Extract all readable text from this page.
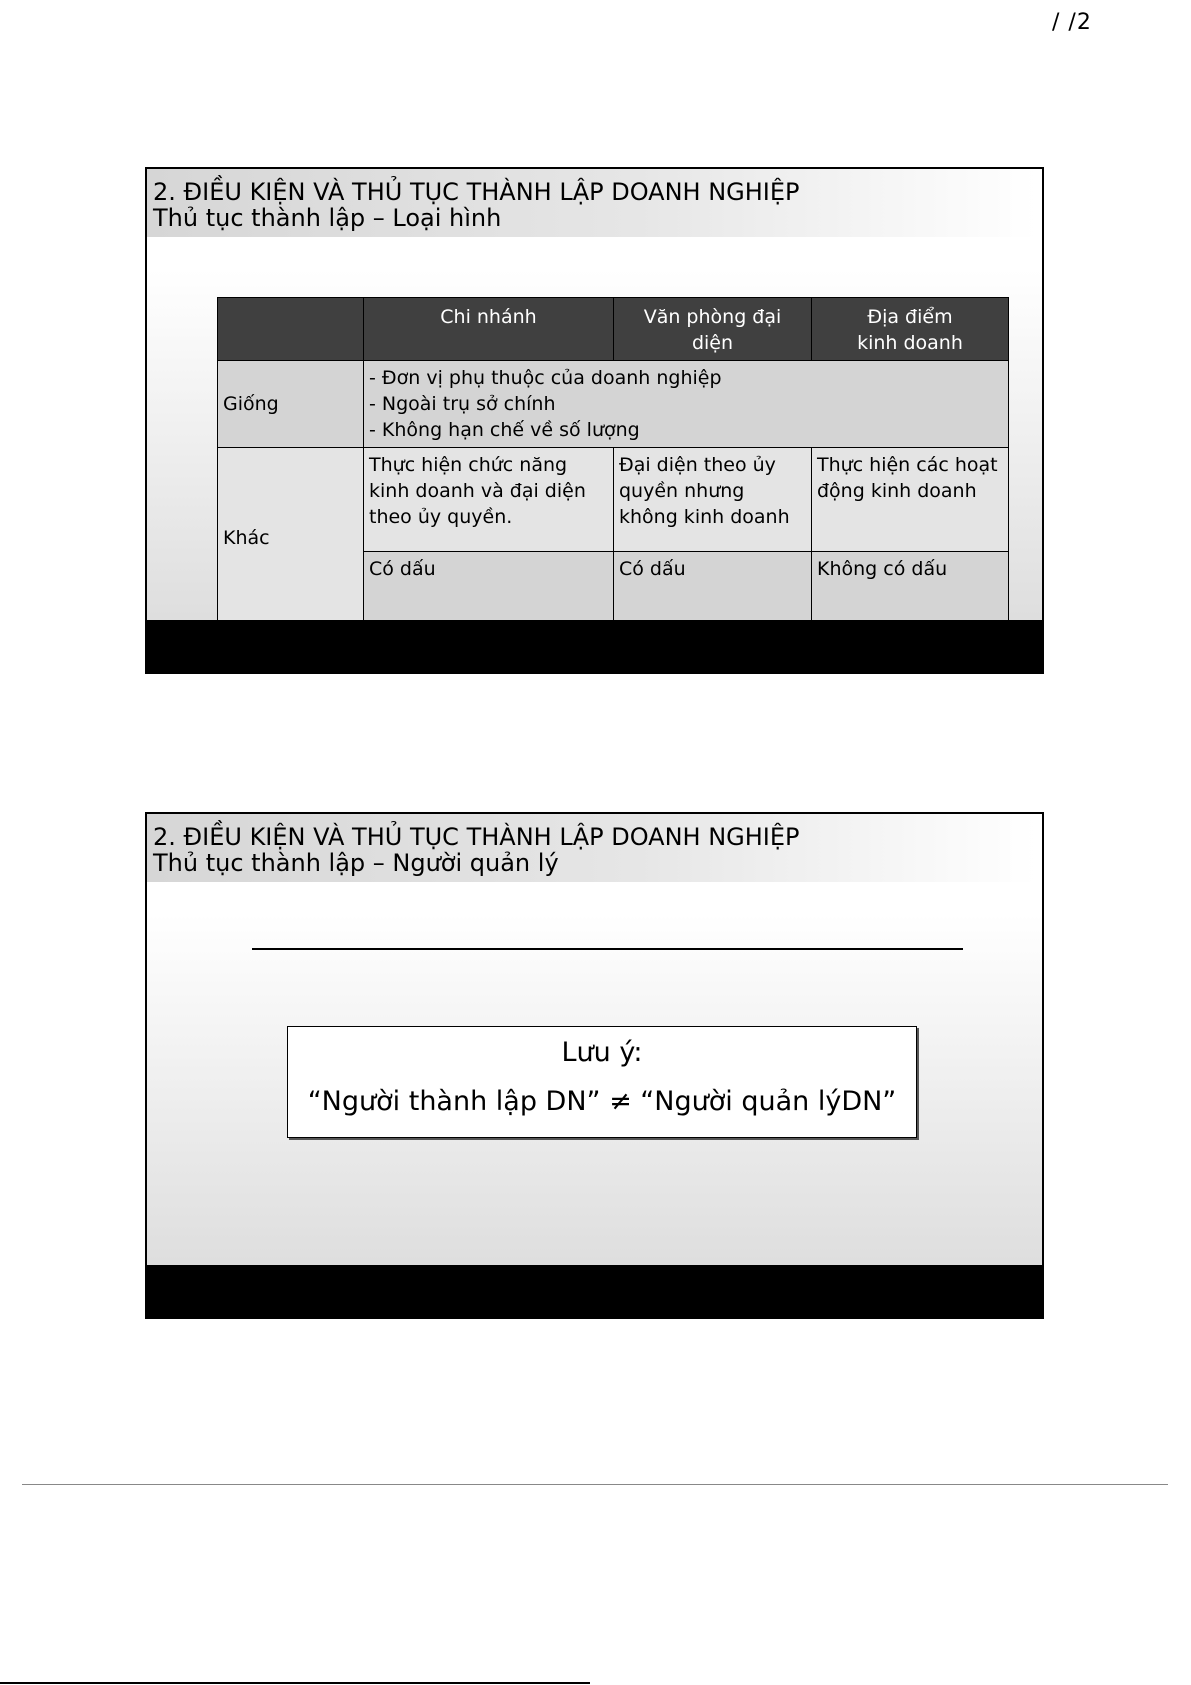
/ /2
2. ĐIỀU KIỆN VÀ THỦ TỤC THÀNH LẬP DOANH NGHIỆP
Thủ tục thành lập – Loại hình
	Chi nhánh	Văn phòng đại diện	Địa điểm kinh doanh

Giống	- Đơn vị phụ thuộc của doanh nghiệp
- Ngoài trụ sở chính
- Không hạn chế về số lượng		

Khác	Thực hiện chức năng kinh doanh và đại diện theo ủy quyền.	Đại diện theo ủy quyền nhưng không kinh doanh	Thực hiện các hoạt động kinh doanh
	Có dấu	Có dấu	Không có dấu
2. ĐIỀU KIỆN VÀ THỦ TỤC THÀNH LẬP DOANH NGHIỆP
Thủ tục thành lập – Người quản lý
Lưu ý:
“Người thành lập DN” ≠ “Người quản lýDN”
